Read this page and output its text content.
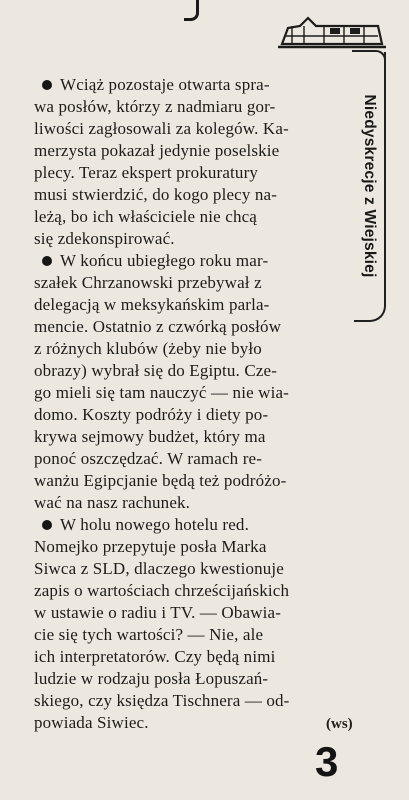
Niedyskrecje z Wiejskiej
Wciąż pozostaje otwarta spra-
wa posłów, którzy z nadmiaru gor-
liwości zagłosowali za kolegów. Ka-
merzysta pokazał jedynie poselskie
plecy. Teraz ekspert prokuratury
musi stwierdzić, do kogo plecy na-
leżą, bo ich właściciele nie chcą
się zdekonspirować.
W końcu ubiegłego roku mar-
szałek Chrzanowski przebywał z
delegacją w meksykańskim parla-
mencie. Ostatnio z czwórką posłów
z różnych klubów (żeby nie było
obrazy) wybrał się do Egiptu. Cze-
go mieli się tam nauczyć — nie wia-
domo. Koszty podróży i diety po-
krywa sejmowy budżet, który ma
ponoć oszczędzać. W ramach re-
wanżu Egipcjanie będą też podróżo-
wać na nasz rachunek.
W holu nowego hotelu red.
Nomejko przepytuje posła Marka
Siwca z SLD, dlaczego kwestionuje
zapis o wartościach chrześcijańskich
w ustawie o radiu i TV. — Obawia-
cie się tych wartości? — Nie, ale
ich interpretatorów. Czy będą nimi
ludzie w rodzaju posła Łopuszań-
skiego, czy księdza Tischnera — od-
powiada Siwiec.	(ws)
3
